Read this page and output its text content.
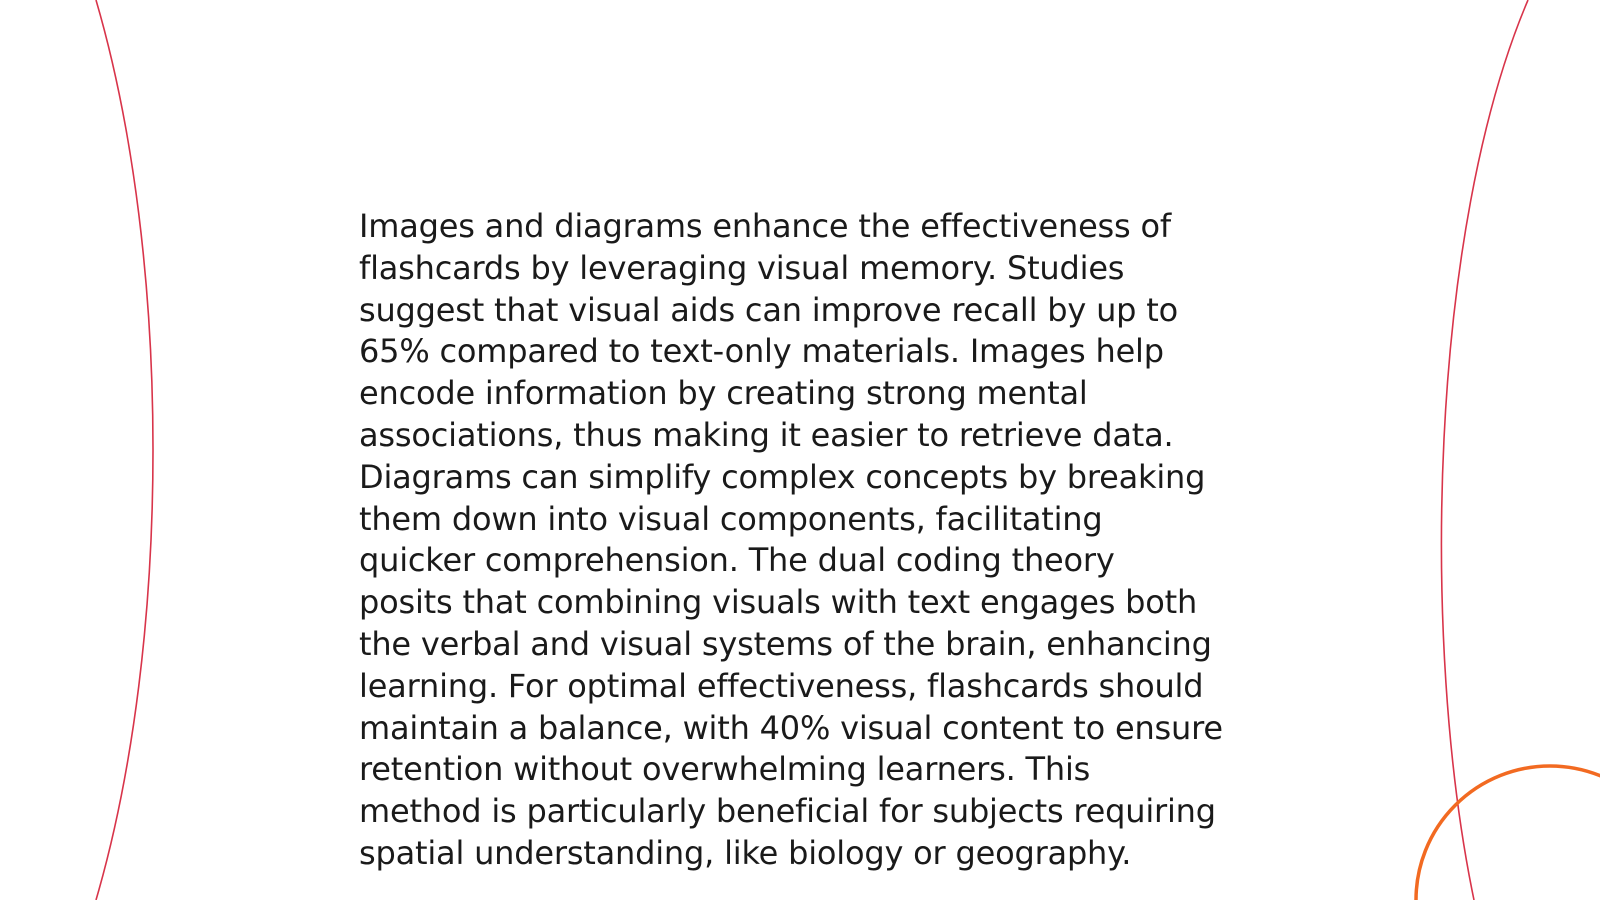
Images and diagrams enhance the effectiveness of
flashcards by leveraging visual memory. Studies
suggest that visual aids can improve recall by up to
65% compared to text-only materials. Images help
encode information by creating strong mental
associations, thus making it easier to retrieve data.
Diagrams can simplify complex concepts by breaking
them down into visual components, facilitating
quicker comprehension. The dual coding theory
posits that combining visuals with text engages both
the verbal and visual systems of the brain, enhancing
learning. For optimal effectiveness, flashcards should
maintain a balance, with 40% visual content to ensure
retention without overwhelming learners. This
method is particularly beneficial for subjects requiring
spatial understanding, like biology or geography.
